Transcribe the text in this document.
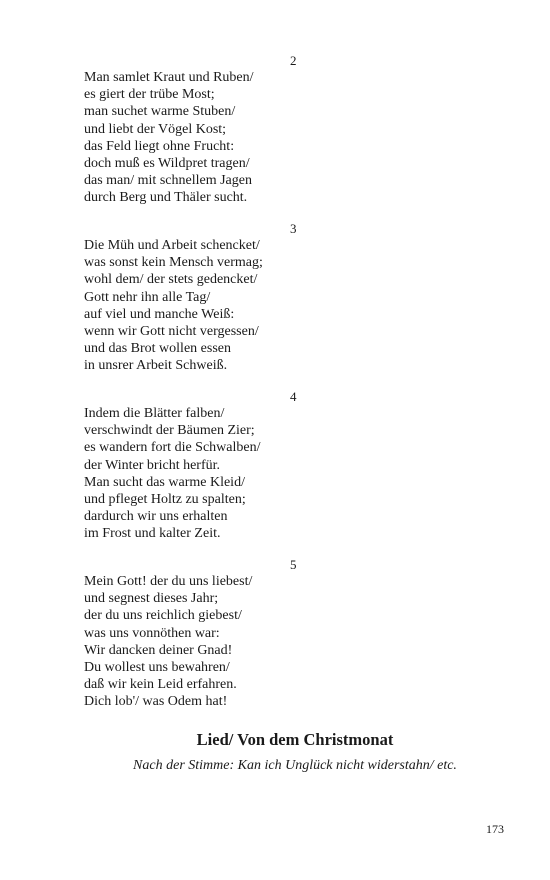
2
Man samlet Kraut und Ruben/
es giert der trübe Most;
man suchet warme Stuben/
und liebt der Vögel Kost;
das Feld liegt ohne Frucht:
doch muß es Wildpret tragen/
das man/ mit schnellem Jagen
durch Berg und Thäler sucht.
3
Die Müh und Arbeit schencket/
was sonst kein Mensch vermag;
wohl dem/ der stets gedencket/
Gott nehr ihn alle Tag/
auf viel und manche Weiß:
wenn wir Gott nicht vergessen/
und das Brot wollen essen
in unsrer Arbeit Schweiß.
4
Indem die Blätter falben/
verschwindt der Bäumen Zier;
es wandern fort die Schwalben/
der Winter bricht herfür.
Man sucht das warme Kleid/
und pfleget Holtz zu spalten;
dardurch wir uns erhalten
im Frost und kalter Zeit.
5
Mein Gott! der du uns liebest/
und segnest dieses Jahr;
der du uns reichlich giebest/
was uns vonnöthen war:
Wir dancken deiner Gnad!
Du wollest uns bewahren/
daß wir kein Leid erfahren.
Dich lob'/ was Odem hat!
Lied/ Von dem Christmonat
Nach der Stimme: Kan ich Unglück nicht widerstahn/ etc.
173
